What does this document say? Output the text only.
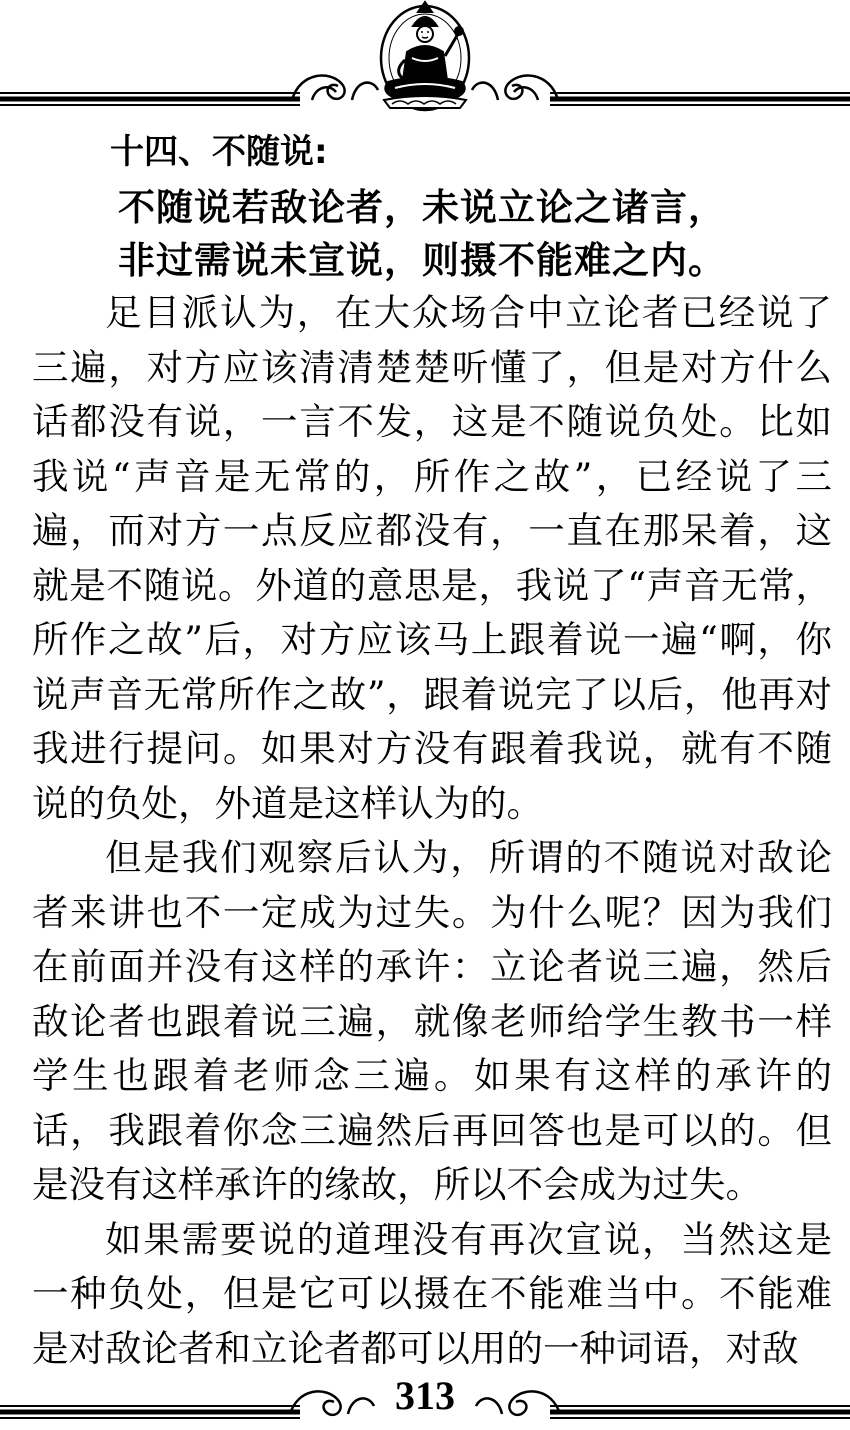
十四、不随说:
不随说若敌论者，未说立论之诸言，
非过需说未宣说，则摄不能难之内。

足目派认为，在大众场合中立论者已经说了三遍，对方应该清清楚楚听懂了，但是对方什么话都没有说，一言不发，这是不随说负处。比如我说“声音是无常的，所作之故”，已经说了三遍，而对方一点反应都没有，一直在那呆着，这就是不随说。外道的意思是，我说了“声音无常，所作之故”后，对方应该马上跟着说一遍“啊，你说声音无常所作之故”，跟着说完了以后，他再对我进行提问。如果对方没有跟着我说，就有不随说的负处，外道是这样认为的。

但是我们观察后认为，所谓的不随说对敌论者来讲也不一定成为过失。为什么呢？因为我们在前面并没有这样的承许：立论者说三遍，然后敌论者也跟着说三遍，就像老师给学生教书一样学生也跟着老师念三遍。如果有这样的承许的话，我跟着你念三遍然后再回答也是可以的。但是没有这样承许的缘故，所以不会成为过失。

如果需要说的道理没有再次宣说，当然这是一种负处，但是它可以摄在不能难当中。不能难是对敌论者和立论者都可以用的一种词语，对敌

313
